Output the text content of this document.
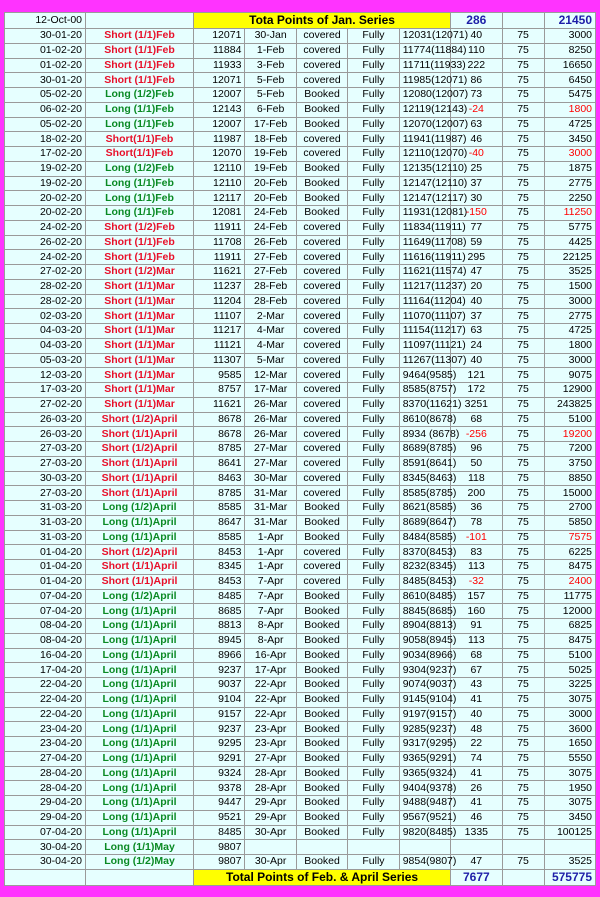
12-Oct-00		Tota Points of Jan. Series					286		21450
30-01-20	Short (1/1)Feb	12071	30-Jan	covered	Fully	12031(12071)	40	75	3000
01-02-20	Short (1/1)Feb	11884	1-Feb	covered	Fully	11774(11884)	110	75	8250
01-02-20	Short (1/1)Feb	11933	3-Feb	covered	Fully	11711(11933)	222	75	16650
30-01-20	Short (1/1)Feb	12071	5-Feb	covered	Fully	11985(12071)	86	75	6450
05-02-20	Long (1/2)Feb	12007	5-Feb	Booked	Fully	12080(12007)	73	75	5475
06-02-20	Long (1/1)Feb	12143	6-Feb	Booked	Fully	12119(12143)	-24	75	1800
05-02-20	Long (1/1)Feb	12007	17-Feb	Booked	Fully	12070(12007)	63	75	4725
18-02-20	Short(1/1)Feb	11987	18-Feb	covered	Fully	11941(11987)	46	75	3450
17-02-20	Short(1/1)Feb	12070	19-Feb	covered	Fully	12110(12070)	-40	75	3000
19-02-20	Long (1/2)Feb	12110	19-Feb	Booked	Fully	12135(12110)	25	75	1875
19-02-20	Long (1/1)Feb	12110	20-Feb	Booked	Fully	12147(12110)	37	75	2775
20-02-20	Long (1/1)Feb	12117	20-Feb	Booked	Fully	12147(12117)	30	75	2250
20-02-20	Long (1/1)Feb	12081	24-Feb	Booked	Fully	11931(12081)	-150	75	11250
24-02-20	Short (1/2)Feb	11911	24-Feb	covered	Fully	11834(11911)	77	75	5775
26-02-20	Short (1/1)Feb	11708	26-Feb	covered	Fully	11649(11708)	59	75	4425
24-02-20	Short (1/1)Feb	11911	27-Feb	covered	Fully	11616(11911)	295	75	22125
27-02-20	Short (1/2)Mar	11621	27-Feb	covered	Fully	11621(11574)	47	75	3525
28-02-20	Short (1/1)Mar	11237	28-Feb	covered	Fully	11217(11237)	20	75	1500
28-02-20	Short (1/1)Mar	11204	28-Feb	covered	Fully	11164(11204)	40	75	3000
02-03-20	Short (1/1)Mar	11107	2-Mar	covered	Fully	11070(11107)	37	75	2775
04-03-20	Short (1/1)Mar	11217	4-Mar	covered	Fully	11154(11217)	63	75	4725
04-03-20	Short (1/1)Mar	11121	4-Mar	covered	Fully	11097(11121)	24	75	1800
05-03-20	Short (1/1)Mar	11307	5-Mar	covered	Fully	11267(11307)	40	75	3000
12-03-20	Short (1/1)Mar	9585	12-Mar	covered	Fully	9464(9585)	121	75	9075
17-03-20	Short (1/1)Mar	8757	17-Mar	covered	Fully	8585(8757)	172	75	12900
27-02-20	Short (1/1)Mar	11621	26-Mar	covered	Fully	8370(11621)	3251	75	243825
26-03-20	Short (1/2)April	8678	26-Mar	covered	Fully	8610(8678)	68	75	5100
26-03-20	Short (1/1)April	8678	26-Mar	covered	Fully	8934 (8678)	-256	75	19200
27-03-20	Short (1/2)April	8785	27-Mar	covered	Fully	8689(8785)	96	75	7200
27-03-20	Short (1/1)April	8641	27-Mar	covered	Fully	8591(8641)	50	75	3750
30-03-20	Short (1/1)April	8463	30-Mar	covered	Fully	8345(8463)	118	75	8850
27-03-20	Short (1/1)April	8785	31-Mar	covered	Fully	8585(8785)	200	75	15000
31-03-20	Long (1/2)April	8585	31-Mar	Booked	Fully	8621(8585)	36	75	2700
31-03-20	Long (1/1)April	8647	31-Mar	Booked	Fully	8689(8647)	78	75	5850
31-03-20	Long (1/1)April	8585	1-Apr	Booked	Fully	8484(8585)	-101	75	7575
01-04-20	Short (1/2)April	8453	1-Apr	covered	Fully	8370(8453)	83	75	6225
01-04-20	Short (1/1)April	8345	1-Apr	covered	Fully	8232(8345)	113	75	8475
01-04-20	Short (1/1)April	8453	7-Apr	covered	Fully	8485(8453)	-32	75	2400
07-04-20	Long (1/2)April	8485	7-Apr	Booked	Fully	8610(8485)	157	75	11775
07-04-20	Long (1/1)April	8685	7-Apr	Booked	Fully	8845(8685)	160	75	12000
08-04-20	Long (1/1)April	8813	8-Apr	Booked	Fully	8904(8813)	91	75	6825
08-04-20	Long (1/1)April	8945	8-Apr	Booked	Fully	9058(8945)	113	75	8475
16-04-20	Long (1/1)April	8966	16-Apr	Booked	Fully	9034(8966)	68	75	5100
17-04-20	Long (1/1)April	9237	17-Apr	Booked	Fully	9304(9237)	67	75	5025
22-04-20	Long (1/1)April	9037	22-Apr	Booked	Fully	9074(9037)	43	75	3225
22-04-20	Long (1/1)April	9104	22-Apr	Booked	Fully	9145(9104)	41	75	3075
22-04-20	Long (1/1)April	9157	22-Apr	Booked	Fully	9197(9157)	40	75	3000
23-04-20	Long (1/1)April	9237	23-Apr	Booked	Fully	9285(9237)	48	75	3600
23-04-20	Long (1/1)April	9295	23-Apr	Booked	Fully	9317(9295)	22	75	1650
27-04-20	Long (1/1)April	9291	27-Apr	Booked	Fully	9365(9291)	74	75	5550
28-04-20	Long (1/1)April	9324	28-Apr	Booked	Fully	9365(9324)	41	75	3075
28-04-20	Long (1/1)April	9378	28-Apr	Booked	Fully	9404(9378)	26	75	1950
29-04-20	Long (1/1)April	9447	29-Apr	Booked	Fully	9488(9487)	41	75	3075
29-04-20	Long (1/1)April	9521	29-Apr	Booked	Fully	9567(9521)	46	75	3450
07-04-20	Long (1/1)April	8485	30-Apr	Booked	Fully	9820(8485)	1335	75	100125
30-04-20	Long (1/1)May	9807							
30-04-20	Long (1/2)May	9807	30-Apr	Booked	Fully	9854(9807)	47	75	3525
		Total Points of Feb. & April Series					7677		575775
